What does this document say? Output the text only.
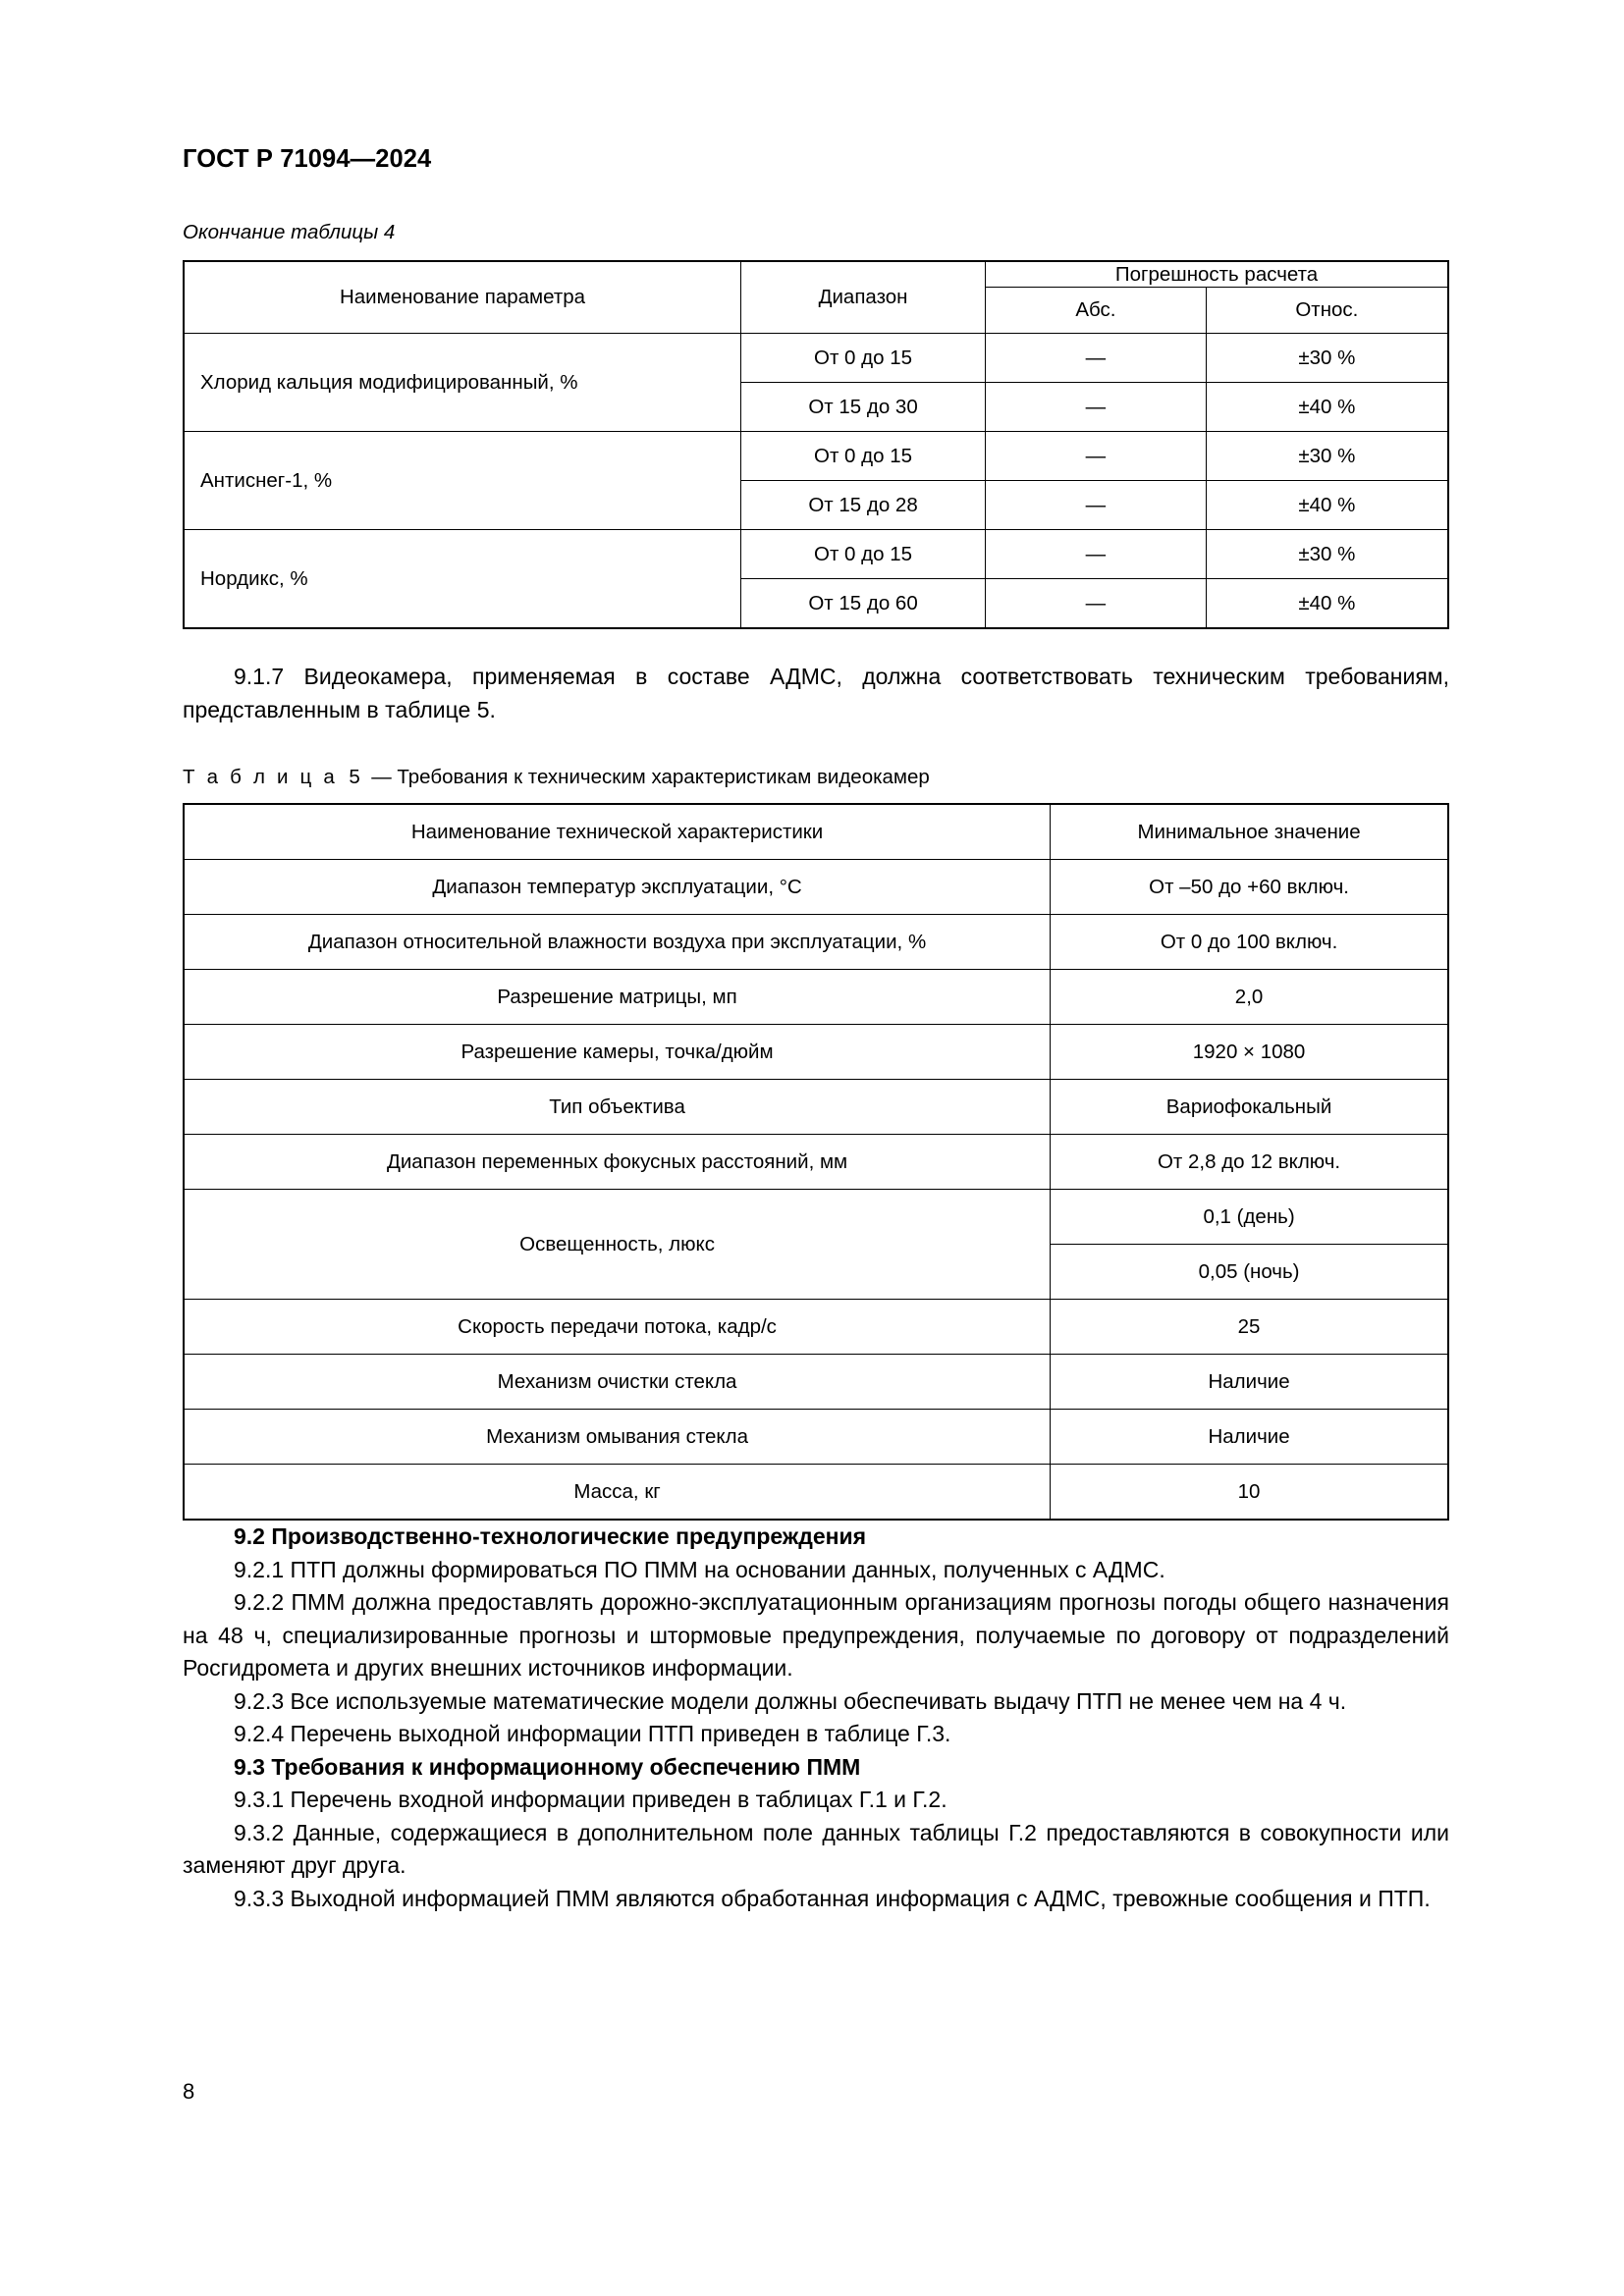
ГОСТ Р 71094—2024
Окончание таблицы 4
Наименование параметра	Диапазон	Погрешность расчета	
		Абс.	Относ.
Хлорид кальция модифицированный, %	От 0 до 15	—	±30 %
	От 15 до 30	—	±40 %
Антиснег-1, %	От 0 до 15	—	±30 %
	От 15 до 28	—	±40 %
Нордикс, %	От 0 до 15	—	±30 %
	От 15 до 60	—	±40 %

9.1.7 Видеокамера, применяемая в составе АДМС, должна соответствовать техническим требованиям, представленным в таблице 5.

Т а б л и ц а 5 — Требования к техническим характеристикам видеокамер
Наименование технической характеристики	Минимальное значение
Диапазон температур эксплуатации, °С	От –50 до +60 включ.
Диапазон относительной влажности воздуха при эксплуатации, %	От 0 до 100 включ.
Разрешение матрицы, мп	2,0
Разрешение камеры, точка/дюйм	1920 × 1080
Тип объектива	Вариофокальный
Диапазон переменных фокусных расстояний, мм	От 2,8 до 12 включ.
Освещенность, люкс	0,1 (день)
	0,05 (ночь)
Скорость передачи потока, кадр/с	25
Механизм очистки стекла	Наличие
Механизм омывания стекла	Наличие
Масса, кг	10
9.2 Производственно-технологические предупреждения

9.2.1 ПТП должны формироваться ПО ПММ на основании данных, полученных с АДМС.

9.2.2 ПММ должна предоставлять дорожно-эксплуатационным организациям прогнозы погоды общего назначения на 48 ч, специализированные прогнозы и штормовые предупреждения, получаемые по договору от подразделений Росгидромета и других внешних источников информации.

9.2.3 Все используемые математические модели должны обеспечивать выдачу ПТП не менее чем на 4 ч.

9.2.4 Перечень выходной информации ПТП приведен в таблице Г.3.

9.3 Требования к информационному обеспечению ПММ

9.3.1 Перечень входной информации приведен в таблицах Г.1 и Г.2.

9.3.2 Данные, содержащиеся в дополнительном поле данных таблицы Г.2 предоставляются в совокупности или заменяют друг друга.

9.3.3 Выходной информацией ПММ являются обработанная информация с АДМС, тревожные сообщения и ПТП.

8
